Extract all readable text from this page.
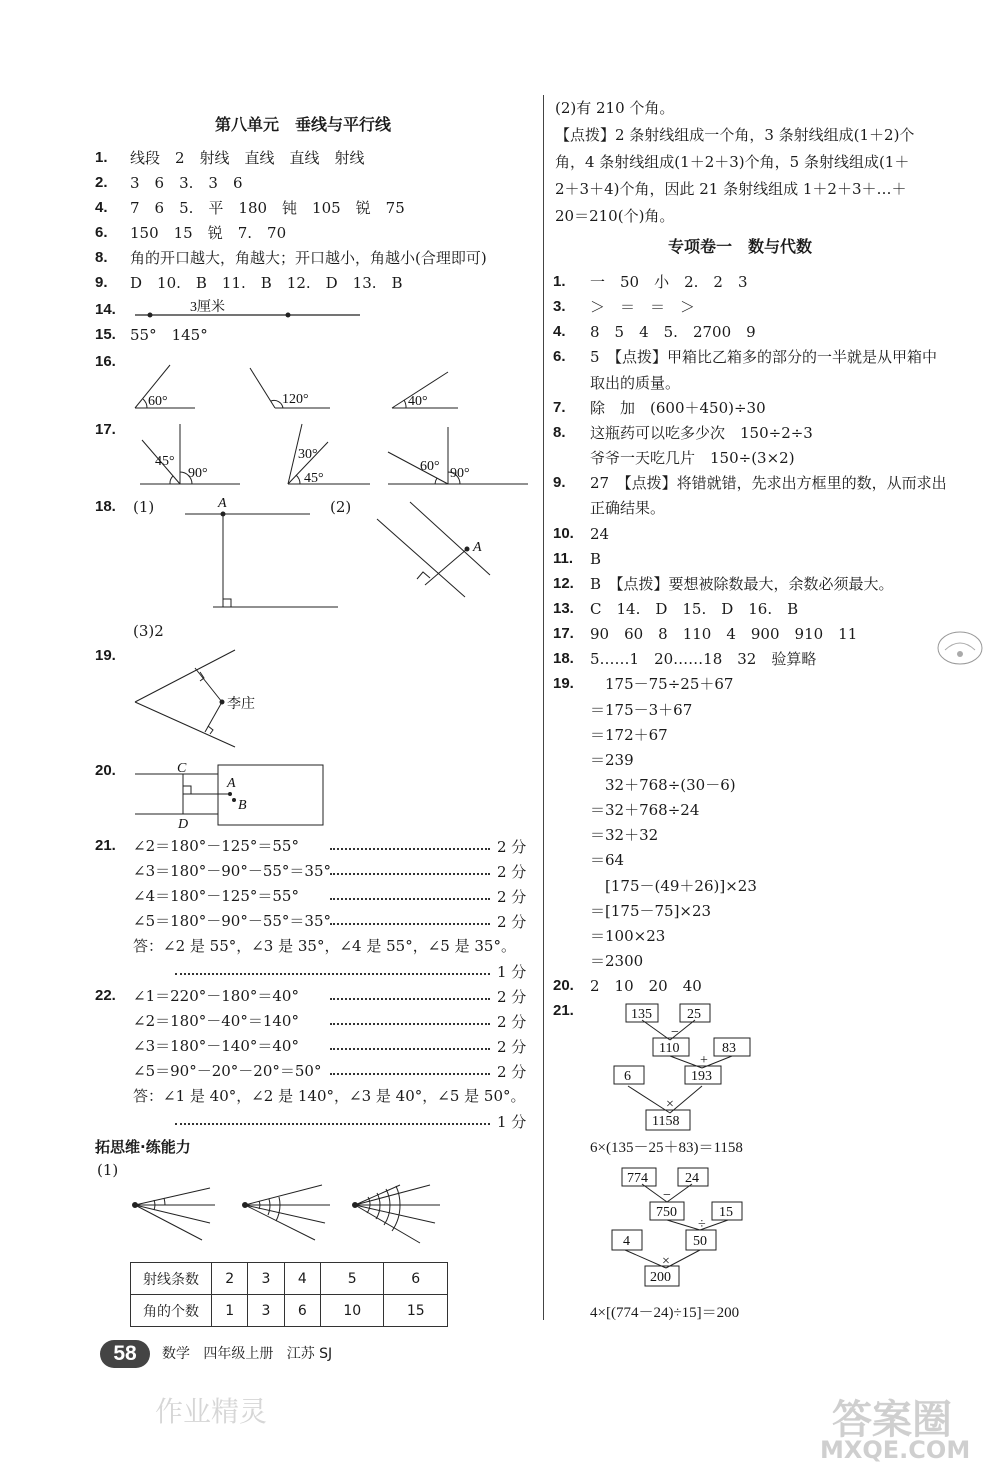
第八单元　垂线与平行线
1. 线段　2　射线　直线　直线　射线
2. 3　6　3.　3　6
4. 7　6　5.　平　180　钝　105　锐　75
6. 150　15　锐　7.　70
8. 角的开口越大，角越大；开口越小，角越小(合理即可)
9. D　10.　B　11.　B　12.　D　13.　B
14.	3厘米
15. 55°　145°
16.
60°	120°	40°
17.
45°
90°
30°
45°
60° 90°
18. (1)	(2)
A
A
(3)2
19.
李庄
20.	C
D
A
B
21. ∠2＝180°－125°＝55°	2 分
∠3＝180°－90°－55°＝35°	2 分
∠4＝180°－125°＝55°	2 分
∠5＝180°－90°－55°＝35°	2 分
答：∠2 是 55°，∠3 是 35°，∠4 是 55°，∠5 是 35°。
1 分
22. ∠1＝220°－180°＝40°	2 分
∠2＝180°－40°＝140°	2 分
∠3＝180°－140°＝40°	2 分
∠5＝90°－20°－20°＝50°	2 分
答：∠1 是 40°，∠2 是 140°，∠3 是 40°，∠5 是 50°。
1 分
拓思维·练能力
(1)
射线条数	2	3	4	5	6
角的个数	1	3	6	10	15
(2)有 210 个角。
【点拨】2 条射线组成一个角，3 条射线组成(1＋2)个
角，4 条射线组成(1＋2＋3)个角，5 条射线组成(1＋
2＋3＋4)个角，因此 21 条射线组成 1＋2＋3＋…＋
20＝210(个)角。
专项卷一　数与代数
1. 一　50　小　2.　2　3
3. ＞　＝　＝　＞
4. 8　5　4　5.　2700　9
6. 5　【点拨】甲箱比乙箱多的部分的一半就是从甲箱中
取出的质量。
7. 除　加　(600＋450)÷30
8. 这瓶药可以吃多少次　150÷2÷3
爷爷一天吃几片　150÷(3×2)
9. 27　【点拨】将错就错，先求出方框里的数，从而求出
正确结果。
10. 24
11. B
12. B　【点拨】要想被除数最大，余数必须最大。
13. C　14.　D　15.　D　16.　B
17. 90　60　8　110　4　900　910　11
18. 5……1　20……18　32　验算略
19. 　175－75÷25＋67
＝175－3＋67
＝172＋67
＝239
　32＋768÷(30－6)
＝32＋768÷24
＝32＋32
＝64
　[175－(49＋26)]×23
＝[175－75]×23
＝100×23
＝2300
20. 2　10　20　40
21.	135	25
−
110	83
+
6	193
×
1158
6×(135－25＋83)＝1158
774	24
−
750	15
÷
4	50
×
200
4×[(774－24)÷15]＝200
58	数学 四年级上册 江苏 SJ
作业精灵	答案圈
MXQE.COM
